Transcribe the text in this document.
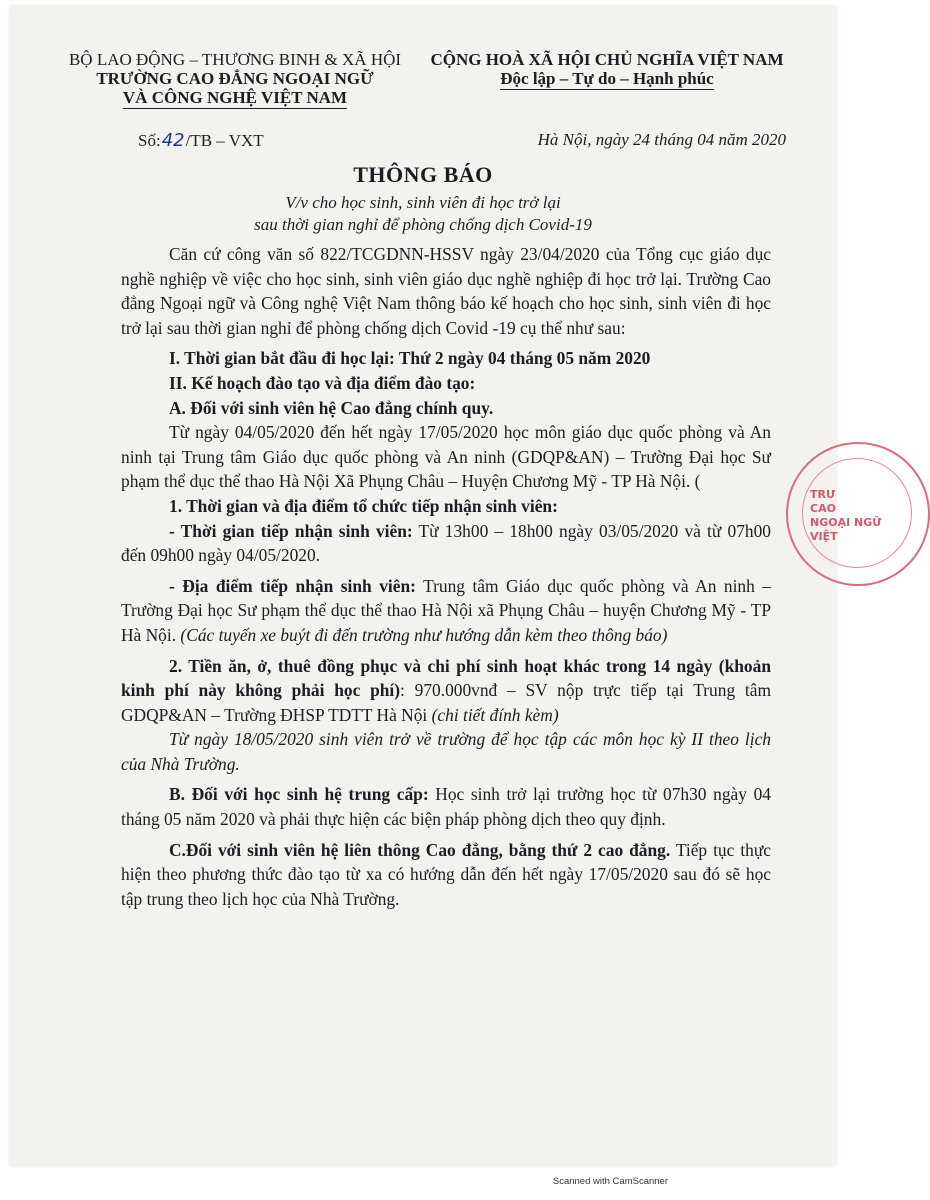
BỘ LAO ĐỘNG – THƯƠNG BINH & XÃ HỘI
TRƯỜNG CAO ĐẲNG NGOẠI NGỮ
VÀ CÔNG NGHỆ VIỆT NAM
CỘNG HOÀ XÃ HỘI CHỦ NGHĨA VIỆT NAM
Độc lập – Tự do – Hạnh phúc
Số:42/TB – VXT	Hà Nội, ngày 24 tháng 04 năm 2020
THÔNG BÁO
V/v cho học sinh, sinh viên đi học trở lại
sau thời gian nghỉ để phòng chống dịch Covid-19

Căn cứ công văn số 822/TCGDNN-HSSV ngày 23/04/2020 của Tổng cục giáo dục nghề nghiệp về việc cho học sinh, sinh viên giáo dục nghề nghiệp đi học trở lại. Trường Cao đẳng Ngoại ngữ và Công nghệ Việt Nam thông báo kế hoạch cho học sinh, sinh viên đi học trở lại sau thời gian nghỉ để phòng chống dịch Covid -19 cụ thể như sau:

I. Thời gian bắt đầu đi học lại: Thứ 2 ngày 04 tháng 05 năm 2020

II. Kế hoạch đào tạo và địa điểm đào tạo:

A. Đối với sinh viên hệ Cao đẳng chính quy.

Từ ngày 04/05/2020 đến hết ngày 17/05/2020 học môn giáo dục quốc phòng và An ninh tại Trung tâm Giáo dục quốc phòng và An ninh (GDQP&AN) – Trường Đại học Sư phạm thể dục thể thao Hà Nội Xã Phụng Châu – Huyện Chương Mỹ - TP Hà Nội. (

1. Thời gian và địa điểm tổ chức tiếp nhận sinh viên:

- Thời gian tiếp nhận sinh viên: Từ 13h00 – 18h00 ngày 03/05/2020 và từ 07h00 đến 09h00 ngày 04/05/2020.

- Địa điểm tiếp nhận sinh viên: Trung tâm Giáo dục quốc phòng và An ninh – Trường Đại học Sư phạm thể dục thể thao Hà Nội xã Phụng Châu – huyện Chương Mỹ - TP Hà Nội. (Các tuyến xe buýt đi đến trường như hướng dẫn kèm theo thông báo)

2. Tiền ăn, ở, thuê đồng phục và chi phí sinh hoạt khác trong 14 ngày (khoản kinh phí này không phải học phí): 970.000vnđ – SV nộp trực tiếp tại Trung tâm GDQP&AN – Trường ĐHSP TDTT Hà Nội (chi tiết đính kèm)

Từ ngày 18/05/2020 sinh viên trở về trường để học tập các môn học kỳ II theo lịch của Nhà Trường.

B. Đối với học sinh hệ trung cấp: Học sinh trở lại trường học từ 07h30 ngày 04 tháng 05 năm 2020 và phải thực hiện các biện pháp phòng dịch theo quy định.

C.Đối với sinh viên hệ liên thông Cao đẳng, bằng thứ 2 cao đẳng. Tiếp tục thực hiện theo phương thức đào tạo từ xa có hướng dẫn đến hết ngày 17/05/2020 sau đó sẽ học tập trung theo lịch học của Nhà Trường.

TRƯ
CAO
NGOẠI NGỮ
VIỆT
Scanned with CamScanner
